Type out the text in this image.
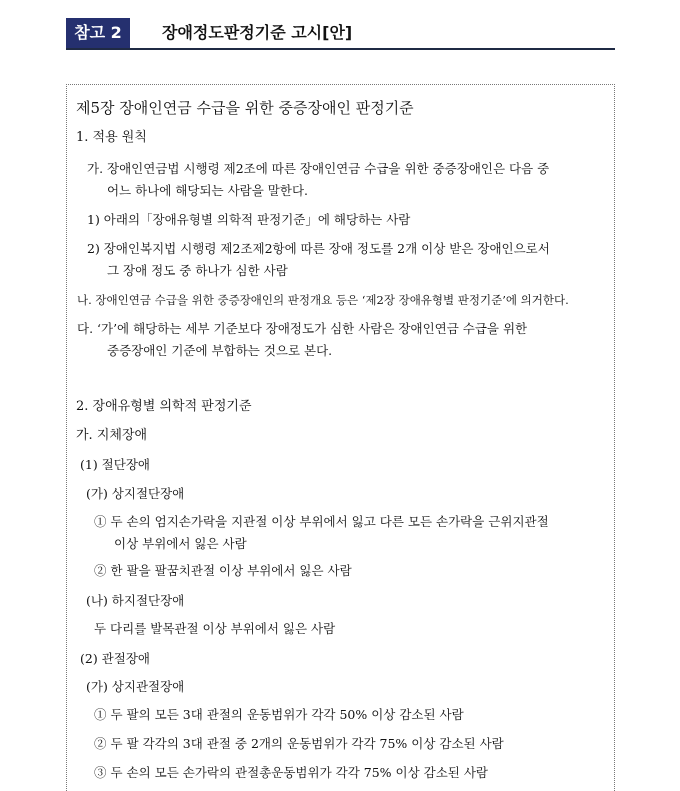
참고 2	장애정도판정기준 고시[안]
제5장 장애인연금 수급을 위한 중증장애인 판정기준
1. 적용 원칙
가. 장애인연금법 시행령 제2조에 따른 장애인연금 수급을 위한 중증장애인은 다음 중
어느 하나에 해당되는 사람을 말한다.
1) 아래의「장애유형별 의학적 판정기준」에 해당하는 사람
2) 장애인복지법 시행령 제2조제2항에 따른 장애 정도를 2개 이상 받은 장애인으로서
그 장애 정도 중 하나가 심한 사람
나. 장애인연금 수급을 위한 중증장애인의 판정개요 등은 ‘제2장 장애유형별 판정기준’에 의거한다.
다. ‘가’에 해당하는 세부 기준보다 장애정도가 심한 사람은 장애인연금 수급을 위한
중증장애인 기준에 부합하는 것으로 본다.
2. 장애유형별 의학적 판정기준
가. 지체장애
(1) 절단장애
(가) 상지절단장애
① 두 손의 엄지손가락을 지관절 이상 부위에서 잃고 다른 모든 손가락을 근위지관절
이상 부위에서 잃은 사람
② 한 팔을 팔꿈치관절 이상 부위에서 잃은 사람
(나) 하지절단장애
두 다리를 발목관절 이상 부위에서 잃은 사람
(2) 관절장애
(가) 상지관절장애
① 두 팔의 모든 3대 관절의 운동범위가 각각 50% 이상 감소된 사람
② 두 팔 각각의 3대 관절 중 2개의 운동범위가 각각 75% 이상 감소된 사람
③ 두 손의 모든 손가락의 관절총운동범위가 각각 75% 이상 감소된 사람
